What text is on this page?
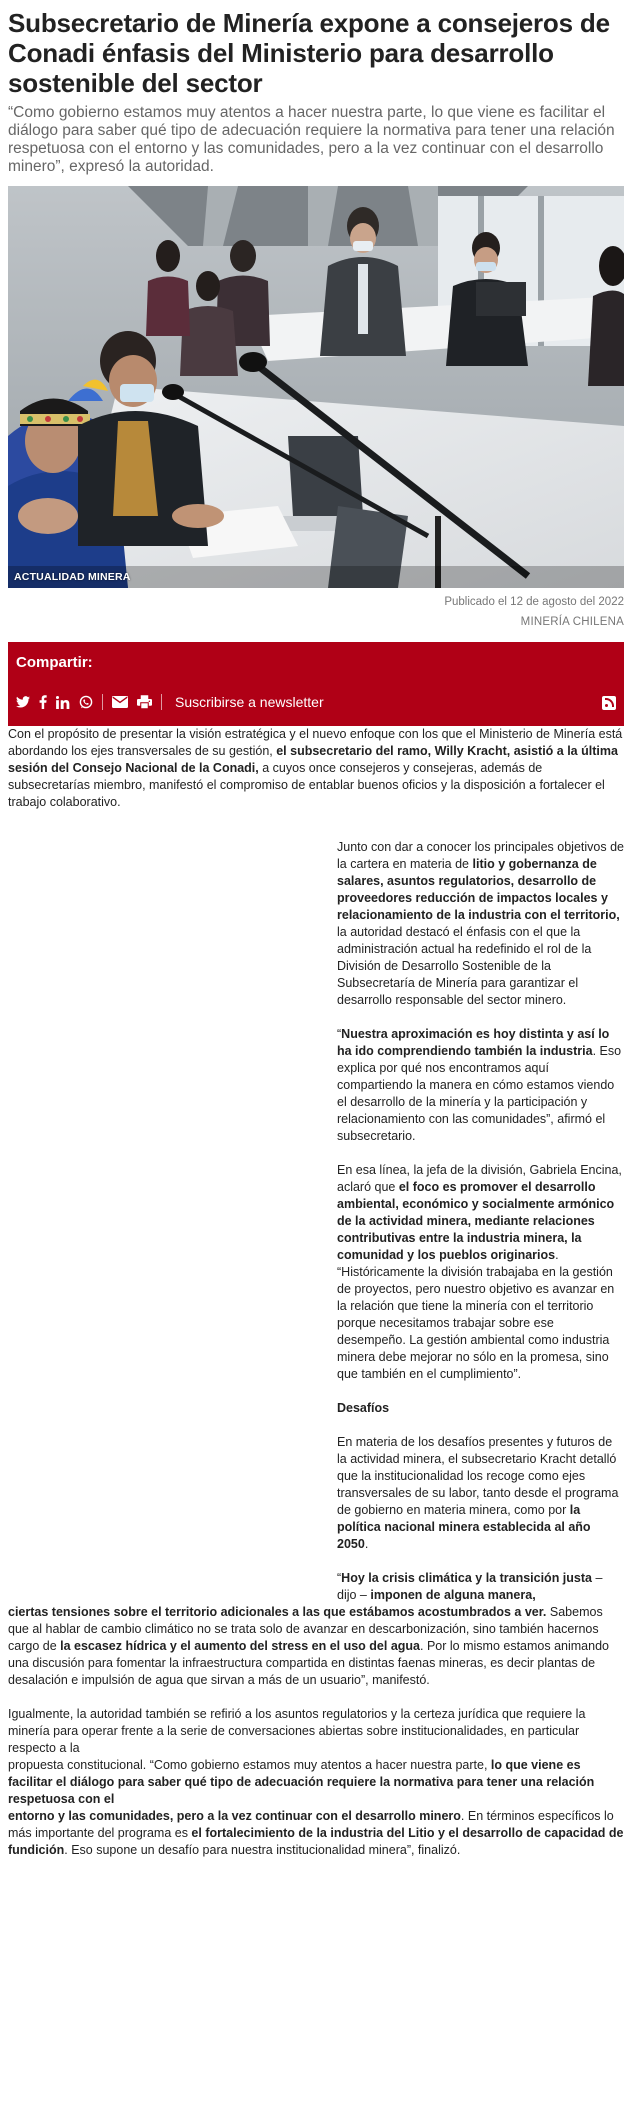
Subsecretario de Minería expone a consejeros de Conadi énfasis del Ministerio para desarrollo sostenible del sector

“Como gobierno estamos muy atentos a hacer nuestra parte, lo que viene es facilitar el diálogo para saber qué tipo de adecuación requiere la normativa para tener una relación respetuosa con el entorno y las comunidades, pero a la vez continuar con el desarrollo minero”, expresó la autoridad.

ACTUALIDAD MINERA
Publicado el 12 de agosto del 2022
MINERÍA CHILENA
Compartir:
Suscribirse a newsletter

Con el propósito de presentar la visión estratégica y el nuevo enfoque con los que el Ministerio de Minería está abordando los ejes transversales de su gestión, el subsecretario del ramo, Willy Kracht, asistió a la última sesión del Consejo Nacional de la Conadi, a cuyos once consejeros y consejeras, además de subsecretarías miembro, manifestó el compromiso de entablar buenos oficios y la disposición a fortalecer el trabajo colaborativo.

Junto con dar a conocer los principales objetivos de la cartera en materia de litio y gobernanza de salares, asuntos regulatorios, desarrollo de proveedores reducción de impactos locales y relacionamiento de la industria con el territorio, la autoridad destacó el énfasis con el que la administración actual ha redefinido el rol de la División de Desarrollo Sostenible de la Subsecretaría de Minería para garantizar el desarrollo responsable del sector minero.

“Nuestra aproximación es hoy distinta y así lo ha ido comprendiendo también la industria. Eso explica por qué nos encontramos aquí compartiendo la manera en cómo estamos viendo el desarrollo de la minería y la participación y relacionamiento con las comunidades”, afirmó el subsecretario.

En esa línea, la jefa de la división, Gabriela Encina, aclaró que el foco es promover el desarrollo ambiental, económico y socialmente armónico de la actividad minera, mediante relaciones contributivas entre la industria minera, la comunidad y los pueblos originarios. “Históricamente la división trabajaba en la gestión de proyectos, pero nuestro objetivo es avanzar en la relación que tiene la minería con el territorio porque necesitamos trabajar sobre ese desempeño. La gestión ambiental como industria minera debe mejorar no sólo en la promesa, sino que también en el cumplimiento”.

Desafíos

En materia de los desafíos presentes y futuros de la actividad minera, el subsecretario Kracht detalló que la institucionalidad los recoge como ejes transversales de su labor, tanto desde el programa de gobierno en materia minera, como por la política nacional minera establecida al año 2050.

“Hoy la crisis climática y la transición justa – dijo – imponen de alguna manera,

ciertas tensiones sobre el territorio adicionales a las que estábamos acostumbrados a ver. Sabemos que al hablar de cambio climático no se trata solo de avanzar en descarbonización, sino también hacernos cargo de la escasez hídrica y el aumento del stress en el uso del agua. Por lo mismo estamos animando una discusión para fomentar la infraestructura compartida en distintas faenas mineras, es decir plantas de desalación e impulsión de agua que sirvan a más de un usuario”, manifestó.

Igualmente, la autoridad también se refirió a los asuntos regulatorios y la certeza jurídica que requiere la minería para operar frente a la serie de conversaciones abiertas sobre institucionalidades, en particular respecto a la
propuesta constitucional. “Como gobierno estamos muy atentos a hacer nuestra parte, lo que viene es facilitar el diálogo para saber qué tipo de adecuación requiere la normativa para tener una relación respetuosa con el
entorno y las comunidades, pero a la vez continuar con el desarrollo minero. En términos específicos lo más importante del programa es el fortalecimiento de la industria del Litio y el desarrollo de capacidad de fundición. Eso supone un desafío para nuestra institucionalidad minera”, finalizó.
